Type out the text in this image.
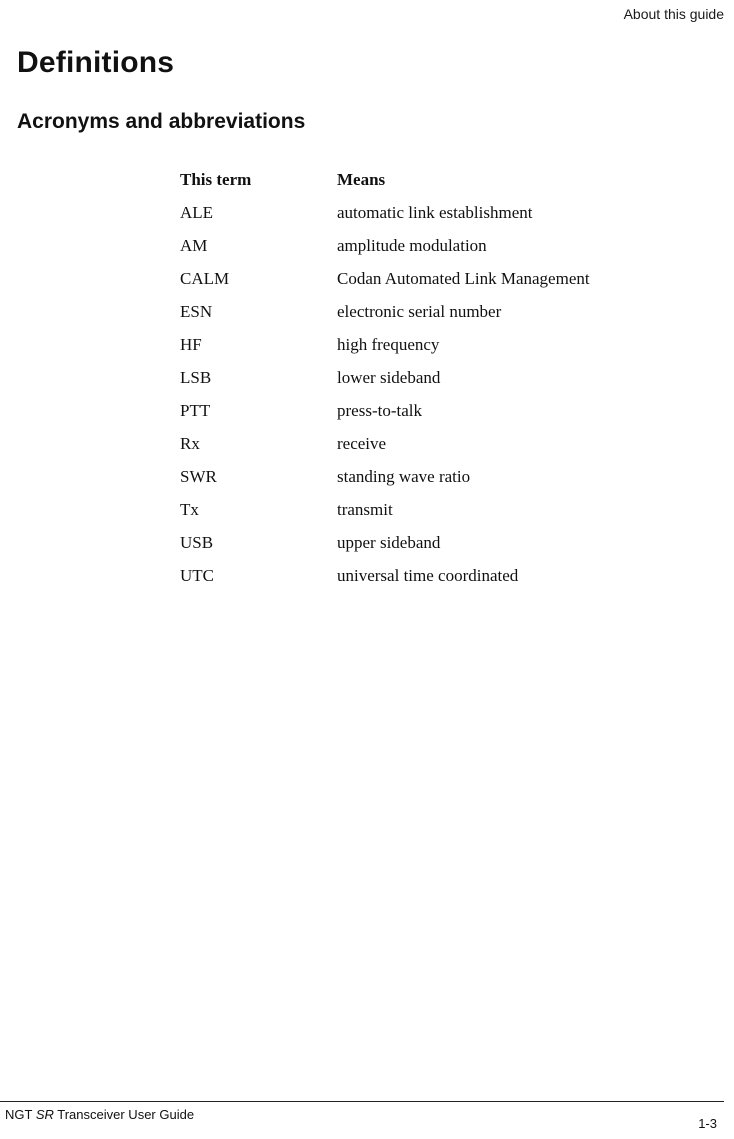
About this guide
Definitions
Acronyms and abbreviations
This term	Means
ALE	automatic link establishment
AM	amplitude modulation
CALM	Codan Automated Link Management
ESN	electronic serial number
HF	high frequency
LSB	lower sideband
PTT	press-to-talk
Rx	receive
SWR	standing wave ratio
Tx	transmit
USB	upper sideband
UTC	universal time coordinated
NGT SR Transceiver User Guide
1-3
